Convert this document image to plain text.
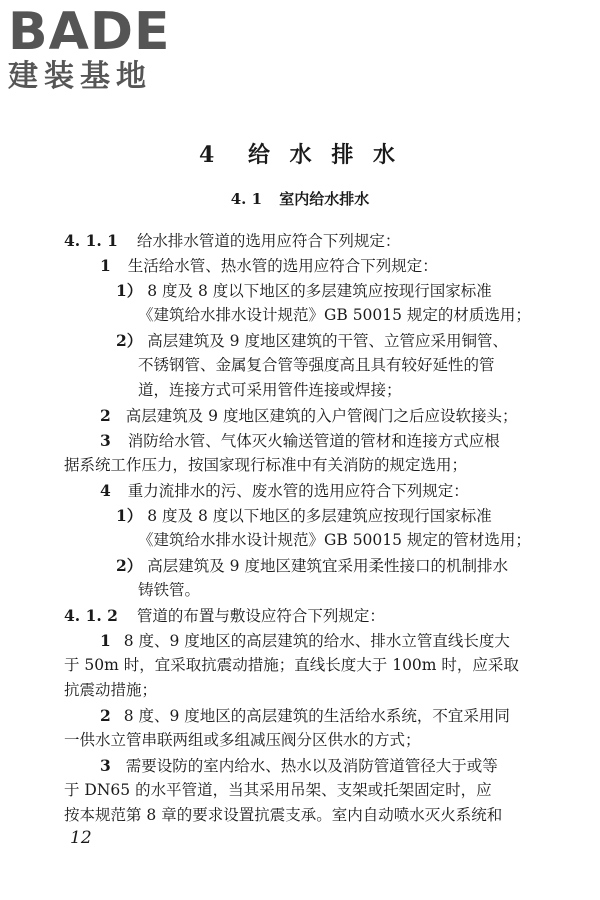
BADE
建装基地
4 给 水 排 水
4. 1 室内给水排水
4. 1. 1 给水排水管道的选用应符合下列规定：
1 生活给水管、热水管的选用应符合下列规定：
1） 8 度及 8 度以下地区的多层建筑应按现行国家标准
《建筑给水排水设计规范》GB 50015 规定的材质选用；
2） 高层建筑及 9 度地区建筑的干管、立管应采用铜管、
不锈钢管、金属复合管等强度高且具有较好延性的管
道，连接方式可采用管件连接或焊接；
2 高层建筑及 9 度地区建筑的入户管阀门之后应设软接头；
3 消防给水管、气体灭火输送管道的管材和连接方式应根
据系统工作压力，按国家现行标准中有关消防的规定选用；
4 重力流排水的污、废水管的选用应符合下列规定：
1） 8 度及 8 度以下地区的多层建筑应按现行国家标准
《建筑给水排水设计规范》GB 50015 规定的管材选用；
2） 高层建筑及 9 度地区建筑宜采用柔性接口的机制排水
铸铁管。
4. 1. 2 管道的布置与敷设应符合下列规定：
1 8 度、9 度地区的高层建筑的给水、排水立管直线长度大
于 50m 时，宜采取抗震动措施；直线长度大于 100m 时，应采取
抗震动措施；
2 8 度、9 度地区的高层建筑的生活给水系统，不宜采用同
一供水立管串联两组或多组减压阀分区供水的方式；
3 需要设防的室内给水、热水以及消防管道管径大于或等
于 DN65 的水平管道，当其采用吊架、支架或托架固定时，应
按本规范第 8 章的要求设置抗震支承。室内自动喷水灭火系统和
12
